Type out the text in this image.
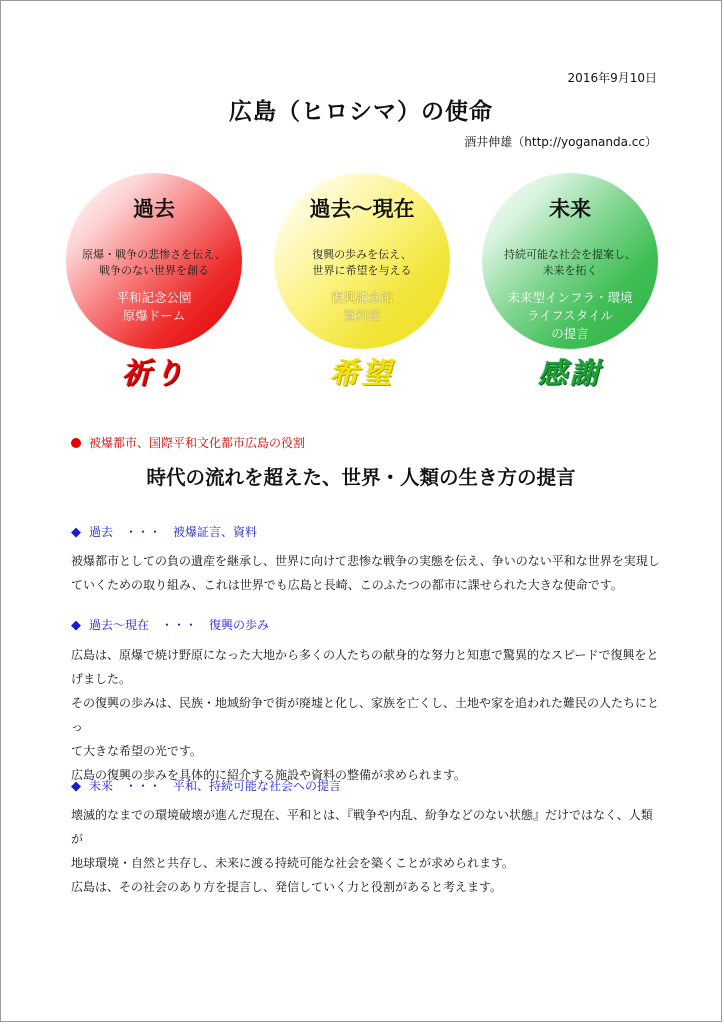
2016年9月10日
広島（ヒロシマ）の使命
酒井伸雄（http://yogananda.cc）
過去
原爆・戦争の悲惨さを伝え、
戦争のない世界を創る
平和記念公園
原爆ドーム
過去～現在
復興の歩みを伝え、
世界に希望を与える
復興記念館
資料館
未来
持続可能な社会を提案し、
未来を拓く
未来型インフラ・環境
ライフスタイル
の提言
祈り	希望	感謝
被爆都市、国際平和文化都市広島の役割
時代の流れを超えた、世界・人類の生き方の提言
◆ 過去　・・・　被爆証言、資料

被爆都市としての負の遺産を継承し、世界に向けて悲惨な戦争の実態を伝え、争いのない平和な世界を実現し

ていくための取り組み、これは世界でも広島と長崎、このふたつの都市に課せられた大きな使命です。

◆ 過去～現在　・・・　復興の歩み

広島は、原爆で焼け野原になった大地から多くの人たちの献身的な努力と知恵で驚異的なスピードで復興をと

げました。

その復興の歩みは、民族・地域紛争で街が廃墟と化し、家族を亡くし、土地や家を追われた難民の人たちにとっ

て大きな希望の光です。

広島の復興の歩みを具体的に紹介する施設や資料の整備が求められます。

◆ 未来　・・・　平和、持続可能な社会への提言

壊滅的なまでの環境破壊が進んだ現在、平和とは、『戦争や内乱、紛争などのない状態』だけではなく、人類が

地球環境・自然と共存し、未来に渡る持続可能な社会を築くことが求められます。

広島は、その社会のあり方を提言し、発信していく力と役割があると考えます。
